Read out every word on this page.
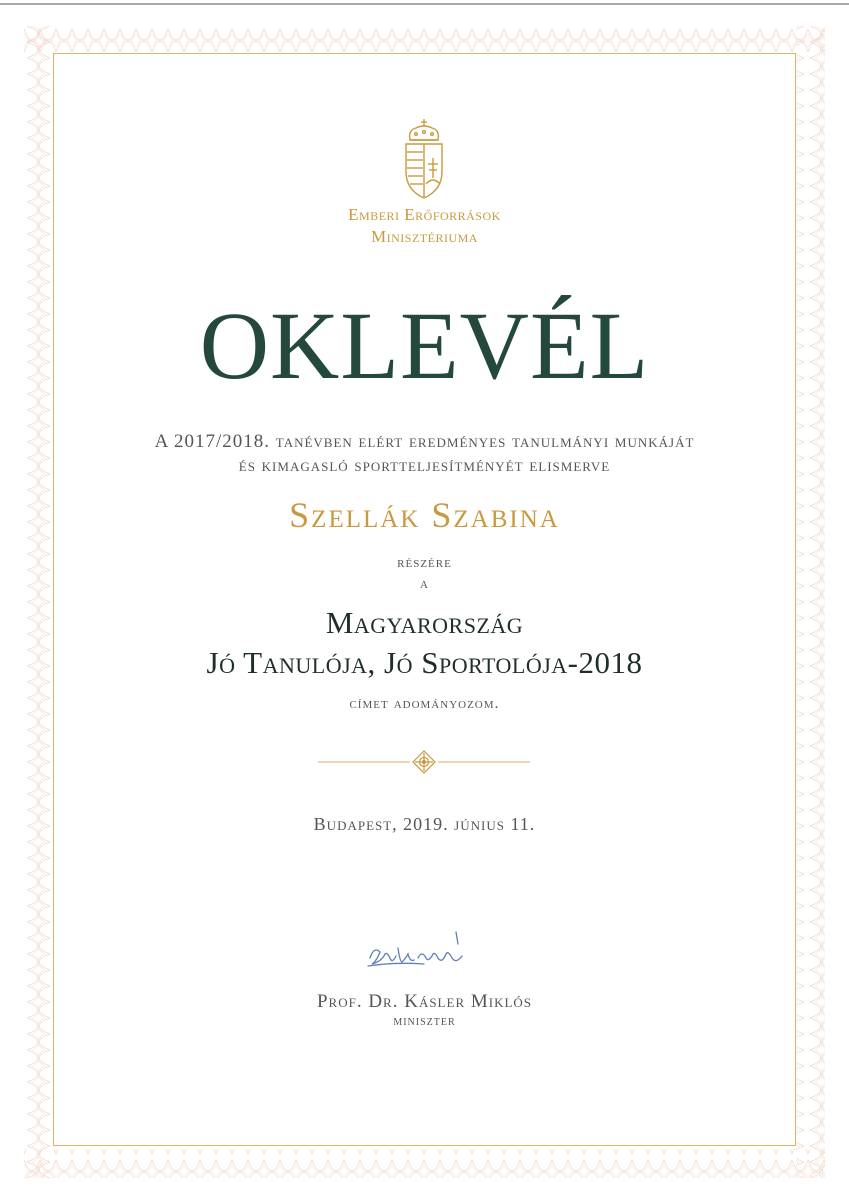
Emberi Erőforrások
Minisztériuma
OKLEVÉL
A 2017/2018. tanévben elért eredményes tanulmányi munkáját
és kimagasló sportteljesítményét elismerve
Szellák Szabina
részére
a
Magyarország
Jó Tanulója, Jó Sportolója-2018
címet adományozom.
Budapest, 2019. június 11.
Prof. Dr. Kásler Miklós
miniszter
